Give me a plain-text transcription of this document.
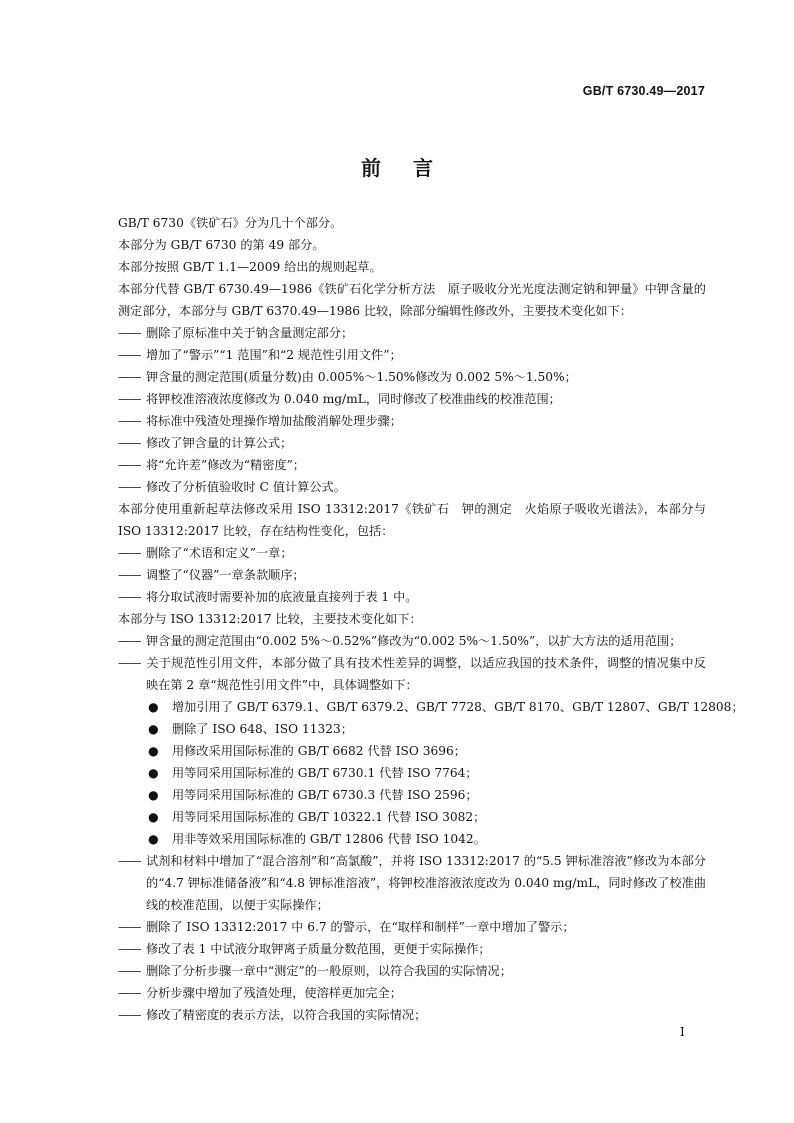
GB/T 6730.49—2017
前言

GB/T 6730《铁矿石》分为几十个部分。

本部分为 GB/T 6730 的第 49 部分。

本部分按照 GB/T 1.1—2009 给出的规则起草。

本部分代替 GB/T 6730.49—1986《铁矿石化学分析方法　原子吸收分光光度法测定钠和钾量》中钾含量的测定部分，本部分与 GB/T 6370.49—1986 比较，除部分编辑性修改外，主要技术变化如下：

—— 删除了原标准中关于钠含量测定部分；

—— 增加了“警示”“1 范围”和“2 规范性引用文件”；

—— 钾含量的测定范围(质量分数)由 0.005%～1.50%修改为 0.002 5%～1.50%；

—— 将钾校准溶液浓度修改为 0.040 mg/mL，同时修改了校准曲线的校准范围；

—— 将标准中残渣处理操作增加盐酸消解处理步骤；

—— 修改了钾含量的计算公式；

—— 将“允许差”修改为“精密度”；

—— 修改了分析值验收时 C 值计算公式。

本部分使用重新起草法修改采用 ISO 13312:2017《铁矿石　钾的测定　火焰原子吸收光谱法》，本部分与 ISO 13312:2017 比较，存在结构性变化，包括：

—— 删除了“术语和定义”一章；

—— 调整了“仪器”一章条款顺序；

—— 将分取试液时需要补加的底液量直接列于表 1 中。

本部分与 ISO 13312:2017 比较，主要技术变化如下：

—— 钾含量的测定范围由“0.002 5%～0.52%”修改为“0.002 5%～1.50%”，以扩大方法的适用范围；

—— 关于规范性引用文件，本部分做了具有技术性差异的调整，以适应我国的技术条件，调整的情况集中反映在第 2 章“规范性引用文件”中，具体调整如下：

● 增加引用了 GB/T 6379.1、GB/T 6379.2、GB/T 7728、GB/T 8170、GB/T 12807、GB/T 12808；

● 删除了 ISO 648、ISO 11323；

● 用修改采用国际标准的 GB/T 6682 代替 ISO 3696；

● 用等同采用国际标准的 GB/T 6730.1 代替 ISO 7764；

● 用等同采用国际标准的 GB/T 6730.3 代替 ISO 2596；

● 用等同采用国际标准的 GB/T 10322.1 代替 ISO 3082；

● 用非等效采用国际标准的 GB/T 12806 代替 ISO 1042。

—— 试剂和材料中增加了“混合溶剂”和“高氯酸”，并将 ISO 13312:2017 的“5.5 钾标准溶液”修改为本部分的“4.7 钾标准储备液”和“4.8 钾标准溶液”，将钾校准溶液浓度改为 0.040 mg/mL，同时修改了校准曲线的校准范围，以便于实际操作；

—— 删除了 ISO 13312:2017 中 6.7 的警示，在“取样和制样”一章中增加了警示；

—— 修改了表 1 中试液分取钾离子质量分数范围，更便于实际操作；

—— 删除了分析步骤一章中“测定”的一般原则，以符合我国的实际情况；

—— 分析步骤中增加了残渣处理，使溶样更加完全；

—— 修改了精密度的表示方法，以符合我国的实际情况；

I
